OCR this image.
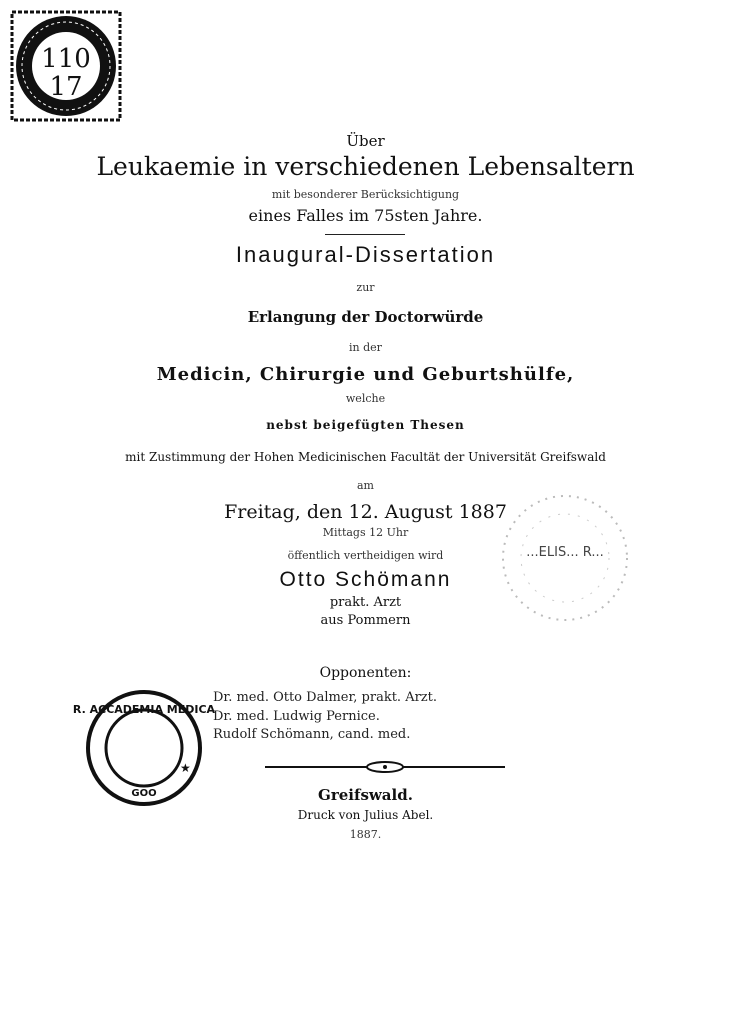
110
17
Über
Leukaemie in verschiedenen Lebensaltern
mit besonderer Berücksichtigung
eines Falles im 75sten Jahre.
Inaugural-Dissertation
zur
Erlangung der Doctorwürde
in der
Medicin, Chirurgie und Geburtshülfe,
welche
nebst beigefügten Thesen
mit Zustimmung der Hohen Medicinischen Facultät der Universität Greifswald
am
Freitag, den 12. August 1887
Mittags 12 Uhr
öffentlich vertheidigen wird
Otto Schömann
prakt. Arzt
aus Pommern
Opponenten:
Dr. med. Otto Dalmer, prakt. Arzt.
Dr. med. Ludwig Pernice.
Rudolf Schömann, cand. med.
Greifswald.
Druck von Julius Abel.
1887.
R. ACCADEMIA MEDICA
GOO
★
...ELIS... R...
